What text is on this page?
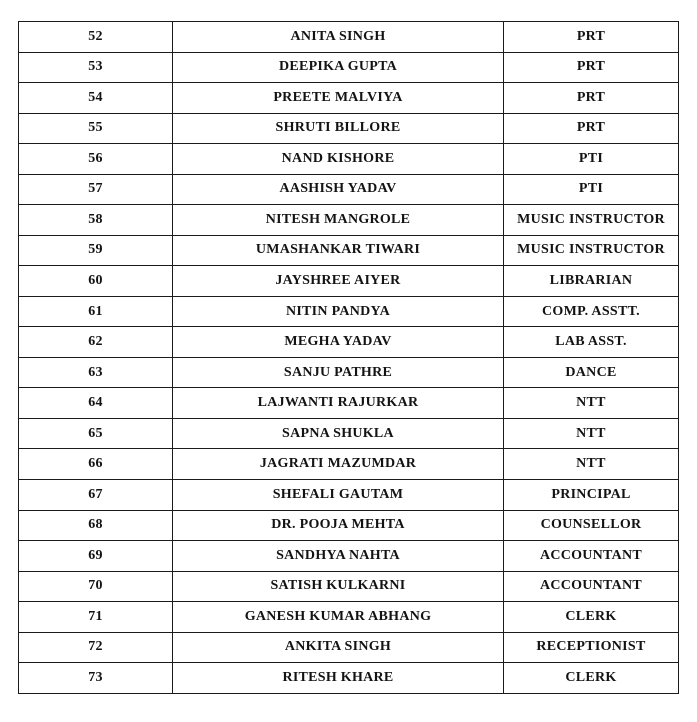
52	ANITA SINGH	PRT
53	DEEPIKA GUPTA	PRT
54	PREETE MALVIYA	PRT
55	SHRUTI BILLORE	PRT
56	NAND KISHORE	PTI
57	AASHISH YADAV	PTI
58	NITESH MANGROLE	MUSIC INSTRUCTOR
59	UMASHANKAR TIWARI	MUSIC INSTRUCTOR
60	JAYSHREE AIYER	LIBRARIAN
61	NITIN PANDYA	COMP. ASSTT.
62	MEGHA YADAV	LAB ASST.
63	SANJU PATHRE	DANCE
64	LAJWANTI RAJURKAR	NTT
65	SAPNA SHUKLA	NTT
66	JAGRATI MAZUMDAR	NTT
67	SHEFALI GAUTAM	PRINCIPAL
68	DR. POOJA MEHTA	COUNSELLOR
69	SANDHYA NAHTA	ACCOUNTANT
70	SATISH KULKARNI	ACCOUNTANT
71	GANESH KUMAR ABHANG	CLERK
72	ANKITA SINGH	RECEPTIONIST
73	RITESH KHARE	CLERK
